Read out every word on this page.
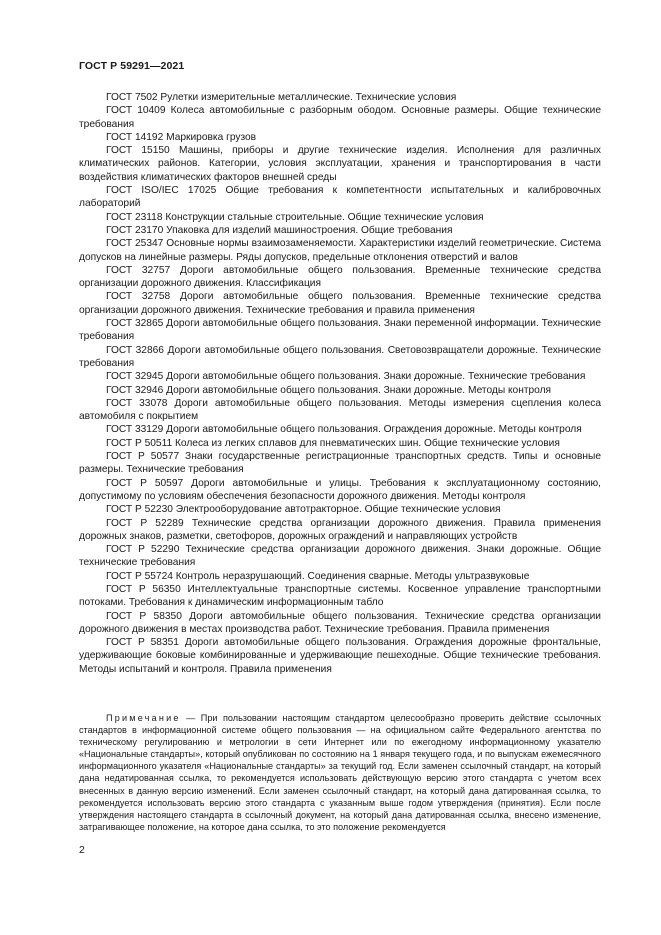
ГОСТ Р 59291—2021

ГОСТ 7502 Рулетки измерительные металлические. Технические условия

ГОСТ 10409 Колеса автомобильные с разборным ободом. Основные размеры. Общие технические требования

ГОСТ 14192 Маркировка грузов

ГОСТ 15150 Машины, приборы и другие технические изделия. Исполнения для различных климатических районов. Категории, условия эксплуатации, хранения и транспортирования в части воздействия климатических факторов внешней среды

ГОСТ ISO/IEC 17025 Общие требования к компетентности испытательных и калибровочных лабораторий

ГОСТ 23118 Конструкции стальные строительные. Общие технические условия

ГОСТ 23170 Упаковка для изделий машиностроения. Общие требования

ГОСТ 25347 Основные нормы взаимозаменяемости. Характеристики изделий геометрические. Система допусков на линейные размеры. Ряды допусков, предельные отклонения отверстий и валов

ГОСТ 32757 Дороги автомобильные общего пользования. Временные технические средства организации дорожного движения. Классификация

ГОСТ 32758 Дороги автомобильные общего пользования. Временные технические средства организации дорожного движения. Технические требования и правила применения

ГОСТ 32865 Дороги автомобильные общего пользования. Знаки переменной информации. Технические требования

ГОСТ 32866 Дороги автомобильные общего пользования. Световозвращатели дорожные. Технические требования

ГОСТ 32945 Дороги автомобильные общего пользования. Знаки дорожные. Технические требования

ГОСТ 32946 Дороги автомобильные общего пользования. Знаки дорожные. Методы контроля

ГОСТ 33078 Дороги автомобильные общего пользования. Методы измерения сцепления колеса автомобиля с покрытием

ГОСТ 33129 Дороги автомобильные общего пользования. Ограждения дорожные. Методы контроля

ГОСТ Р 50511 Колеса из легких сплавов для пневматических шин. Общие технические условия

ГОСТ Р 50577 Знаки государственные регистрационные транспортных средств. Типы и основные размеры. Технические требования

ГОСТ Р 50597 Дороги автомобильные и улицы. Требования к эксплуатационному состоянию, допустимому по условиям обеспечения безопасности дорожного движения. Методы контроля

ГОСТ Р 52230 Электрооборудование автотракторное. Общие технические условия

ГОСТ Р 52289 Технические средства организации дорожного движения. Правила применения дорожных знаков, разметки, светофоров, дорожных ограждений и направляющих устройств

ГОСТ Р 52290 Технические средства организации дорожного движения. Знаки дорожные. Общие технические требования

ГОСТ Р 55724 Контроль неразрушающий. Соединения сварные. Методы ультразвуковые

ГОСТ Р 56350 Интеллектуальные транспортные системы. Косвенное управление транспортными потоками. Требования к динамическим информационным табло

ГОСТ Р 58350 Дороги автомобильные общего пользования. Технические средства организации дорожного движения в местах производства работ. Технические требования. Правила применения

ГОСТ Р 58351 Дороги автомобильные общего пользования. Ограждения дорожные фронтальные, удерживающие боковые комбинированные и удерживающие пешеходные. Общие технические требования. Методы испытаний и контроля. Правила применения

Примечание — При пользовании настоящим стандартом целесообразно проверить действие ссылочных стандартов в информационной системе общего пользования — на официальном сайте Федерального агентства по техническому регулированию и метрологии в сети Интернет или по ежегодному информационному указателю «Национальные стандарты», который опубликован по состоянию на 1 января текущего года, и по выпускам ежемесячного информационного указателя «Национальные стандарты» за текущий год. Если заменен ссылочный стандарт, на который дана недатированная ссылка, то рекомендуется использовать действующую версию этого стандарта с учетом всех внесенных в данную версию изменений. Если заменен ссылочный стандарт, на который дана датированная ссылка, то рекомендуется использовать версию этого стандарта с указанным выше годом утверждения (принятия). Если после утверждения настоящего стандарта в ссылочный документ, на который дана датированная ссылка, внесено изменение, затрагивающее положение, на которое дана ссылка, то это положение рекомендуется

2
